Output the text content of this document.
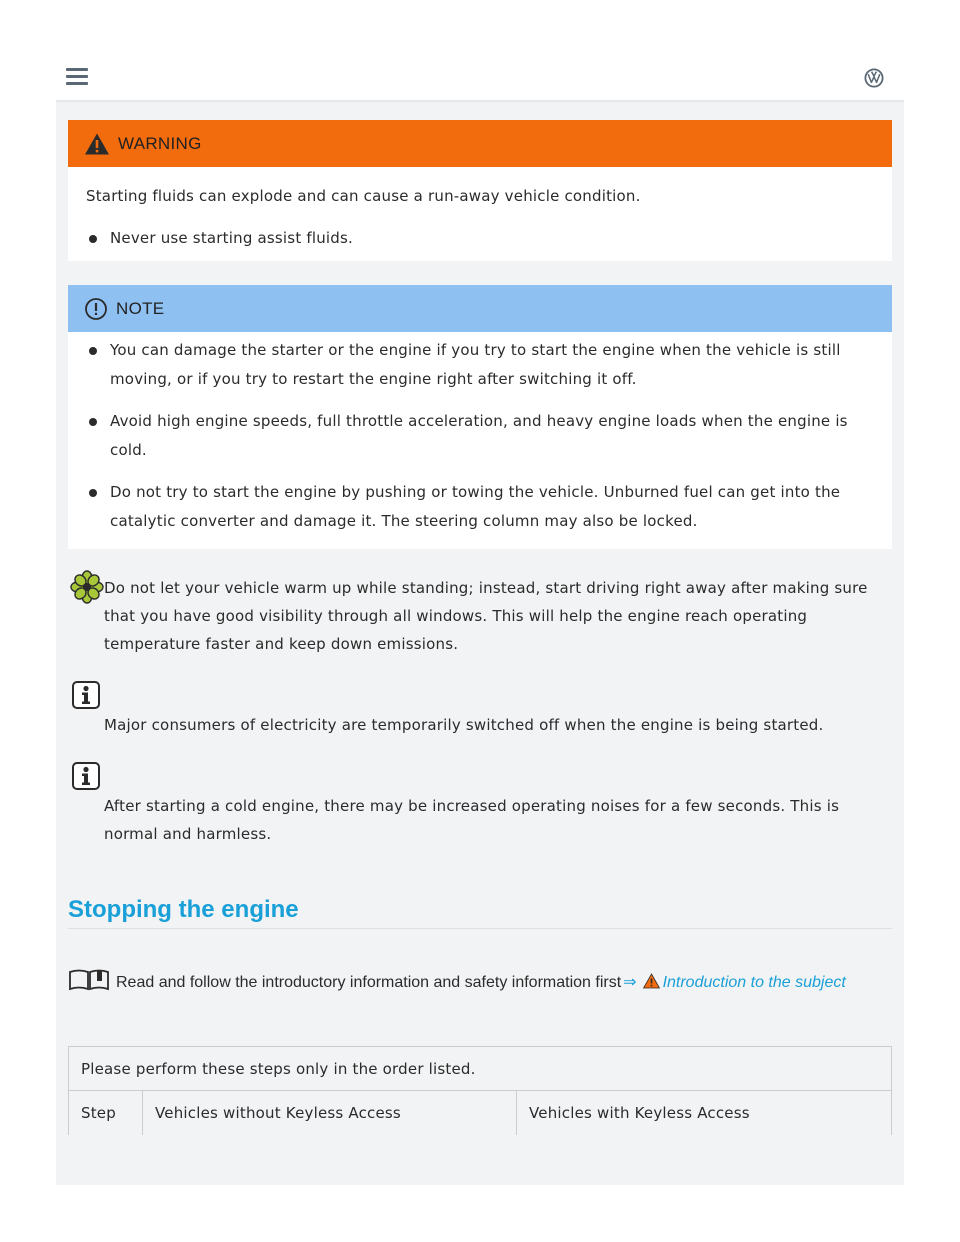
WARNING
Starting fluids can explode and can cause a run-away vehicle condition.
Never use starting assist fluids.
NOTE
You can damage the starter or the engine if you try to start the engine when the vehicle is still moving, or if you try to restart the engine right after switching it off.
Avoid high engine speeds, full throttle acceleration, and heavy engine loads when the engine is cold.
Do not try to start the engine by pushing or towing the vehicle. Unburned fuel can get into the catalytic converter and damage it. The steering column may also be locked.
Do not let your vehicle warm up while standing; instead, start driving right away after making sure that you have good visibility through all windows. This will help the engine reach operating temperature faster and keep down emissions.
Major consumers of electricity are temporarily switched off when the engine is being started.
After starting a cold engine, there may be increased operating noises for a few seconds. This is normal and harmless.
Stopping the engine
Read and follow the introductory information and safety information first ⇒ Introduction to the subject
Please perform these steps only in the order listed.
Step	Vehicles without Keyless Access	Vehicles with Keyless Access
